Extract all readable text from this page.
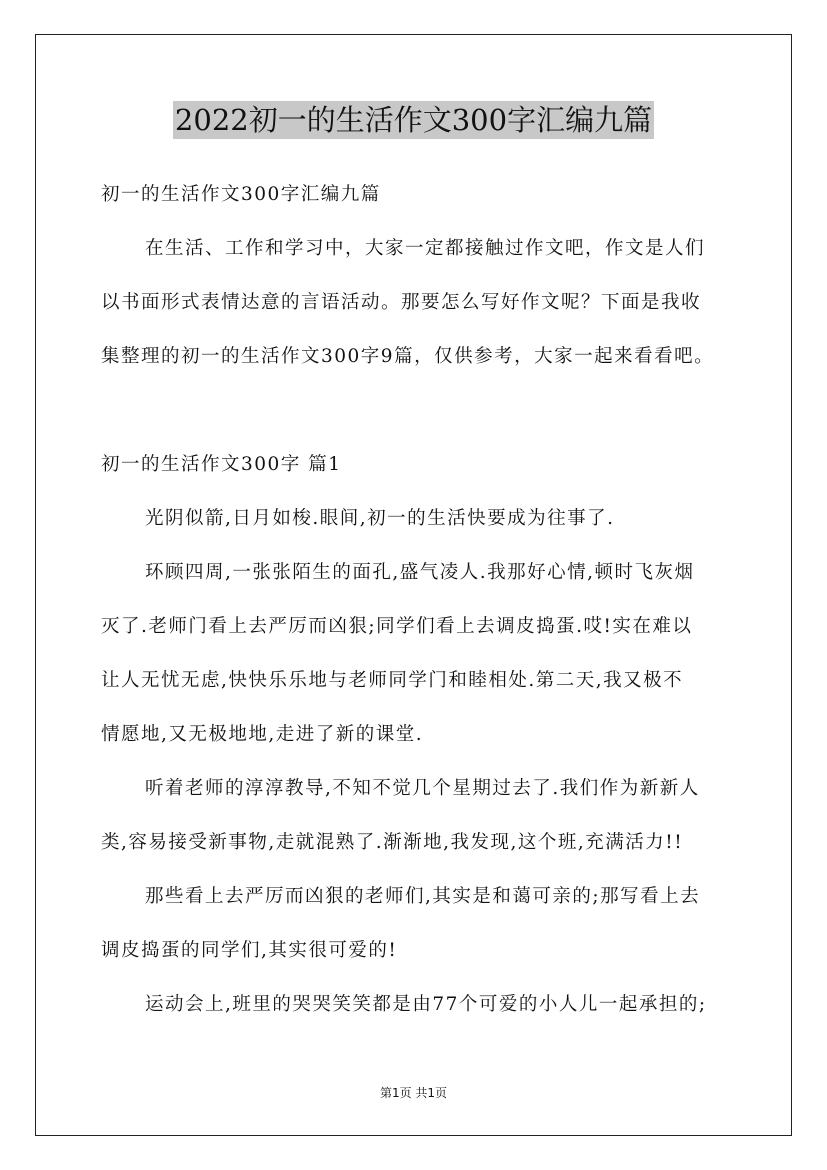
2022初一的生活作文300字汇编九篇
初一的生活作文300字汇编九篇
在生活、工作和学习中，大家一定都接触过作文吧，作文是人们
以书面形式表情达意的言语活动。那要怎么写好作文呢？下面是我收
集整理的初一的生活作文300字9篇，仅供参考，大家一起来看看吧。
初一的生活作文300字 篇1
光阴似箭,日月如梭.眼间,初一的生活快要成为往事了.
环顾四周,一张张陌生的面孔,盛气凌人.我那好心情,顿时飞灰烟
灭了.老师门看上去严厉而凶狠;同学们看上去调皮捣蛋.哎!实在难以
让人无忧无虑,快快乐乐地与老师同学门和睦相处.第二天,我又极不
情愿地,又无极地地,走进了新的课堂.
听着老师的淳淳教导,不知不觉几个星期过去了.我们作为新新人
类,容易接受新事物,走就混熟了.渐渐地,我发现,这个班,充满活力!!
那些看上去严厉而凶狠的老师们,其实是和蔼可亲的;那写看上去
调皮捣蛋的同学们,其实很可爱的!
运动会上,班里的哭哭笑笑都是由77个可爱的小人儿一起承担的;
第1页 共1页
